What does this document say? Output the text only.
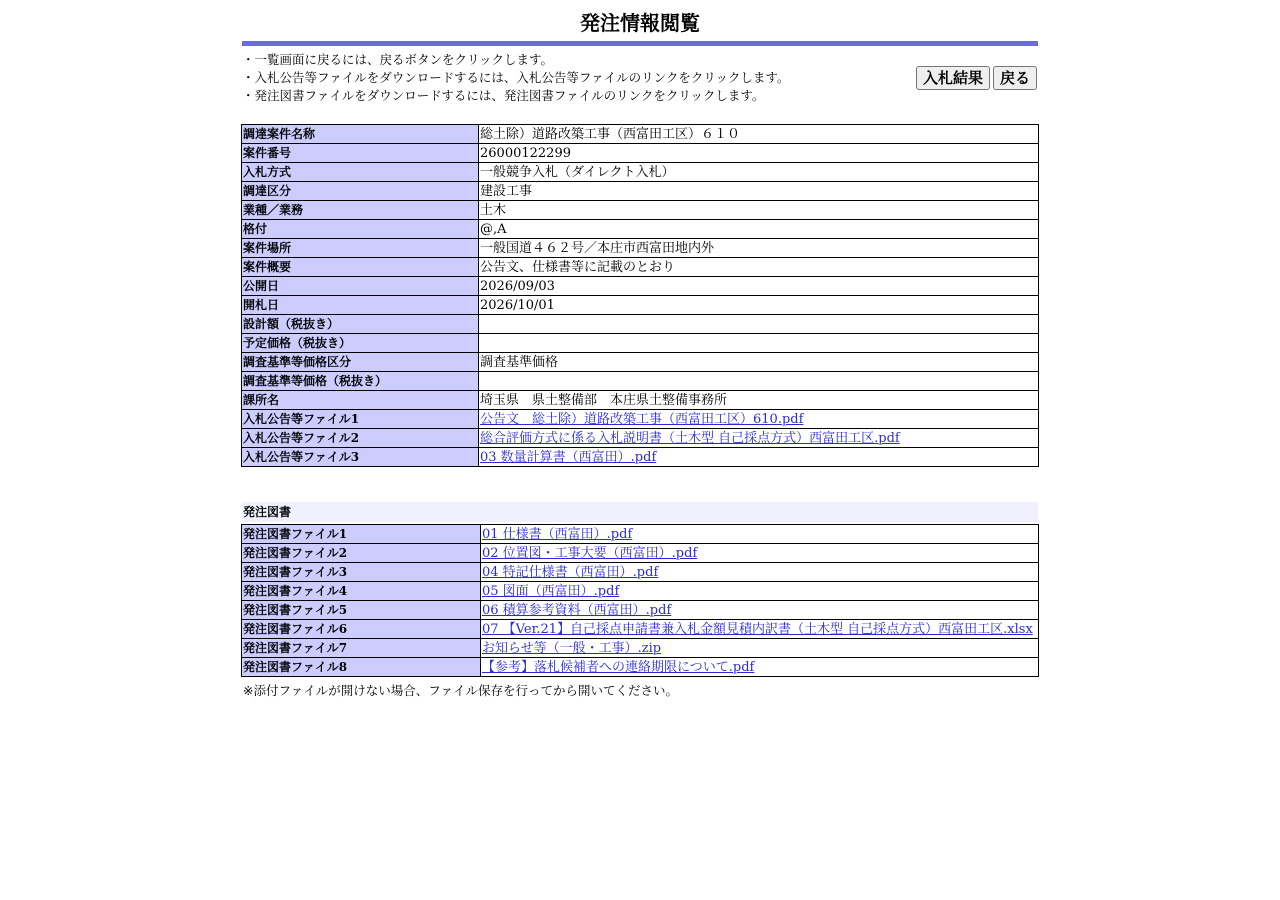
発注情報閲覧
・一覧画面に戻るには、戻るボタンをクリックします。
・入札公告等ファイルをダウンロードするには、入札公告等ファイルのリンクをクリックします。
・発注図書ファイルをダウンロードするには、発注図書ファイルのリンクをクリックします。
入札結果	戻る
調達案件名称	総土除）道路改築工事（西富田工区）６１０
案件番号	26000122299
入札方式	一般競争入札（ダイレクト入札）
調達区分	建設工事
業種／業務	土木
格付	@,A
案件場所	一般国道４６２号／本庄市西富田地内外
案件概要	公告文、仕様書等に記載のとおり
公開日	2026/09/03
開札日	2026/10/01
設計額（税抜き）	
予定価格（税抜き）	
調査基準等価格区分	調査基準価格
調査基準等価格（税抜き）	
課所名	埼玉県　県土整備部　本庄県土整備事務所
入札公告等ファイル1	公告文　総土除）道路改築工事（西富田工区）610.pdf
入札公告等ファイル2	総合評価方式に係る入札説明書（土木型 自己採点方式）西富田工区.pdf
入札公告等ファイル3	03 数量計算書（西富田）.pdf
発注図書
発注図書ファイル1	01 仕様書（西富田）.pdf
発注図書ファイル2	02 位置図・工事大要（西富田）.pdf
発注図書ファイル3	04 特記仕様書（西富田）.pdf
発注図書ファイル4	05 図面（西富田）.pdf
発注図書ファイル5	06 積算参考資料（西富田）.pdf
発注図書ファイル6	07 【Ver.21】自己採点申請書兼入札金額見積内訳書（土木型 自己採点方式）西富田工区.xlsx
発注図書ファイル7	お知らせ等（一般・工事）.zip
発注図書ファイル8	【参考】落札候補者への連絡期限について.pdf
※添付ファイルが開けない場合、ファイル保存を行ってから開いてください。
